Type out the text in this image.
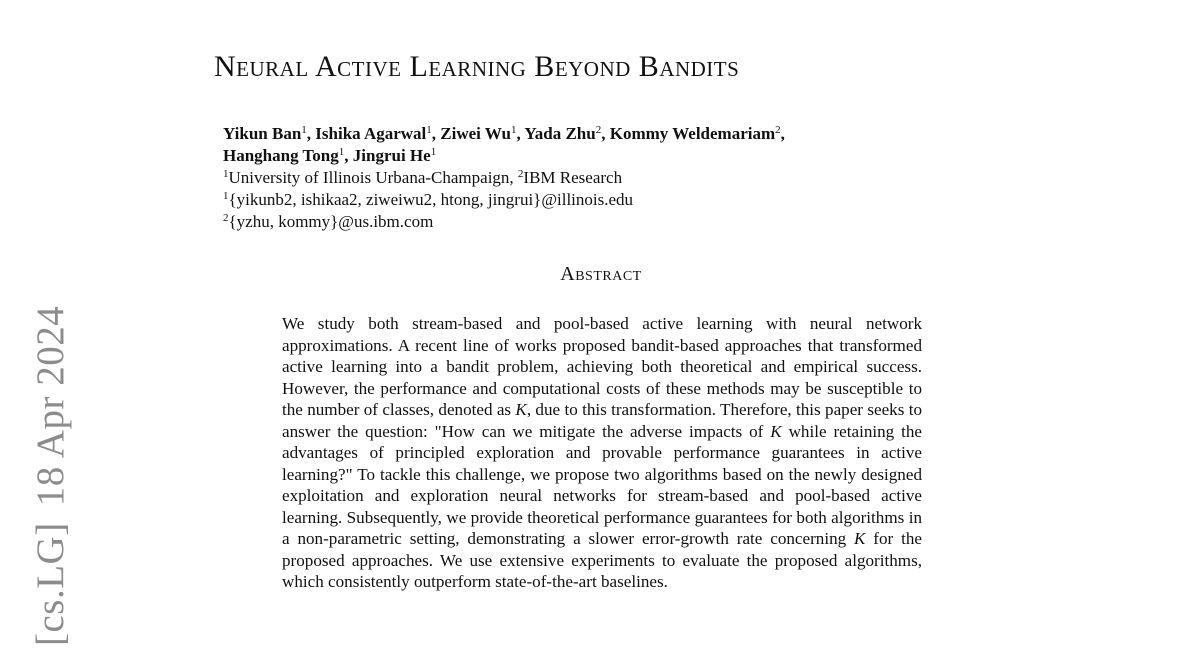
Neural Active Learning Beyond Bandits
Yikun Ban$^1$, Ishika Agarwal$^1$, Ziwei Wu$^1$, Yada Zhu$^2$, Kommy Weldemariam$^2$,
Hanghang Tong$^1$, Jingrui He$^1$
$^1$University of Illinois Urbana-Champaign, $^2$IBM Research
$^1${yikunb2, ishikaa2, ziweiwu2, htong, jingrui}@illinois.edu
$^2${yzhu, kommy}@us.ibm.com
Abstract

We study both stream-based and pool-based active learning with neural network approximations. A recent line of works proposed bandit-based approaches that transformed active learning into a bandit problem, achieving both theoretical and empirical success. However, the performance and computational costs of these methods may be susceptible to the number of classes, denoted as K, due to this transformation. Therefore, this paper seeks to answer the question: "How can we mitigate the adverse impacts of K while retaining the advantages of principled exploration and provable performance guarantees in active learning?" To tackle this challenge, we propose two algorithms based on the newly designed exploitation and exploration neural networks for stream-based and pool-based active learning. Subsequently, we provide theoretical performance guarantees for both algorithms in a non-parametric setting, demonstrating a slower error-growth rate concerning K for the proposed approaches. We use extensive experiments to evaluate the proposed algorithms, which consistently outperform state-of-the-art baselines.

[cs.LG]18 Apr 2024
